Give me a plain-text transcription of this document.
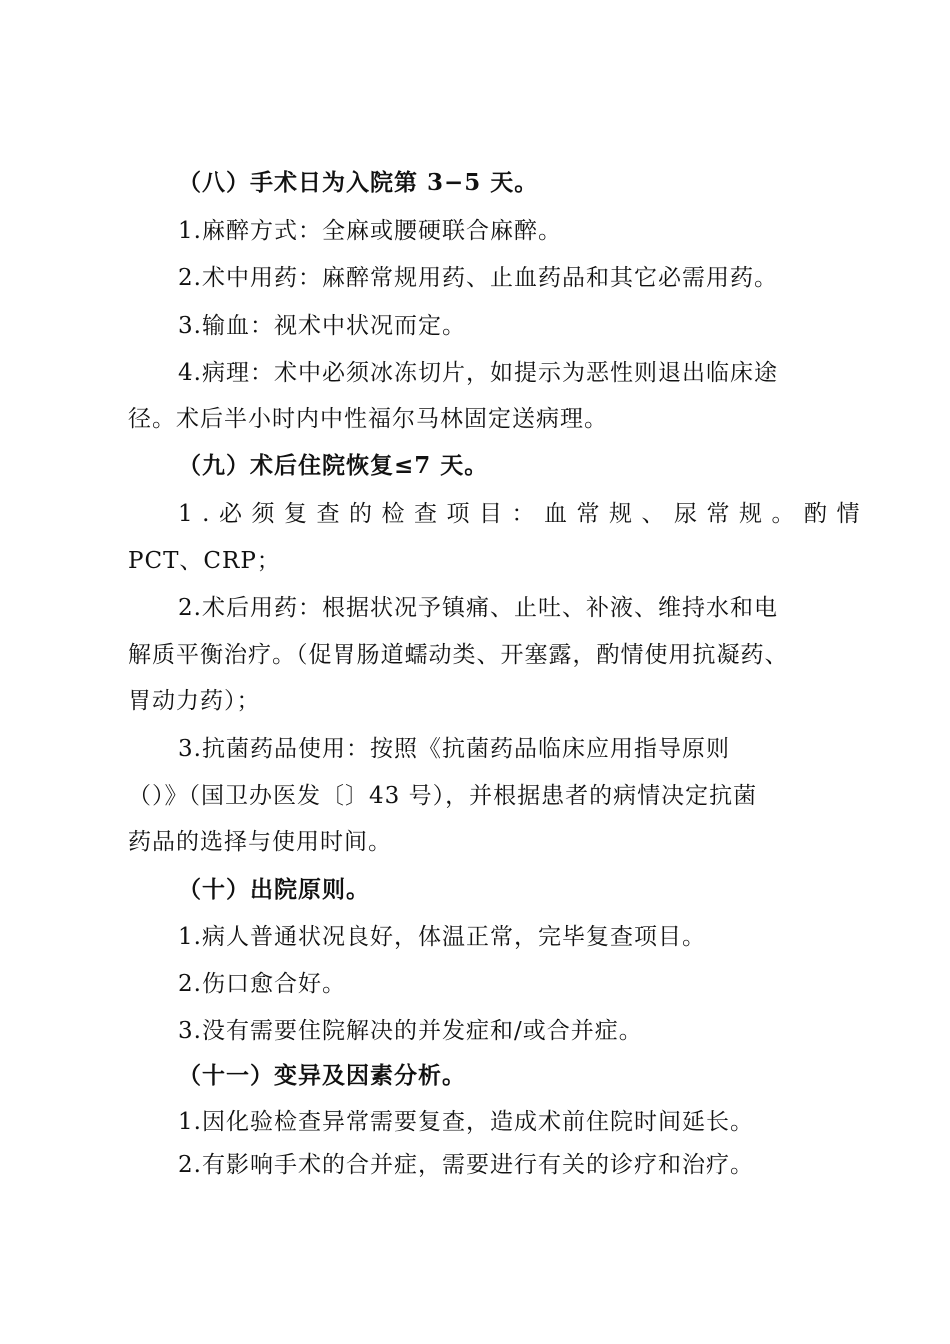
（八）手术日为入院第 3−5 天。
1.麻醉方式：全麻或腰硬联合麻醉。
2.术中用药：麻醉常规用药、止血药品和其它必需用药。
3.输血：视术中状况而定。
4.病理：术中必须冰冻切片，如提示为恶性则退出临床途
径。术后半小时内中性福尔马林固定送病理。
（九）术后住院恢复≤7 天。
1.必须复查的检查项目：血常规、尿常规。酌情
PCT、CRP；
2.术后用药：根据状况予镇痛、止吐、补液、维持水和电
解质平衡治疗。（促胃肠道蠕动类、开塞露，酌情使用抗凝药、
胃动力药）；
3.抗菌药品使用：按照《抗菌药品临床应用指导原则
（）》（国卫办医发〔〕43 号），并根据患者的病情决定抗菌
药品的选择与使用时间。
（十）出院原则。
1.病人普通状况良好，体温正常，完毕复查项目。
2.伤口愈合好。
3.没有需要住院解决的并发症和/或合并症。
（十一）变异及因素分析。
1.因化验检查异常需要复查，造成术前住院时间延长。
2.有影响手术的合并症，需要进行有关的诊疗和治疗。
